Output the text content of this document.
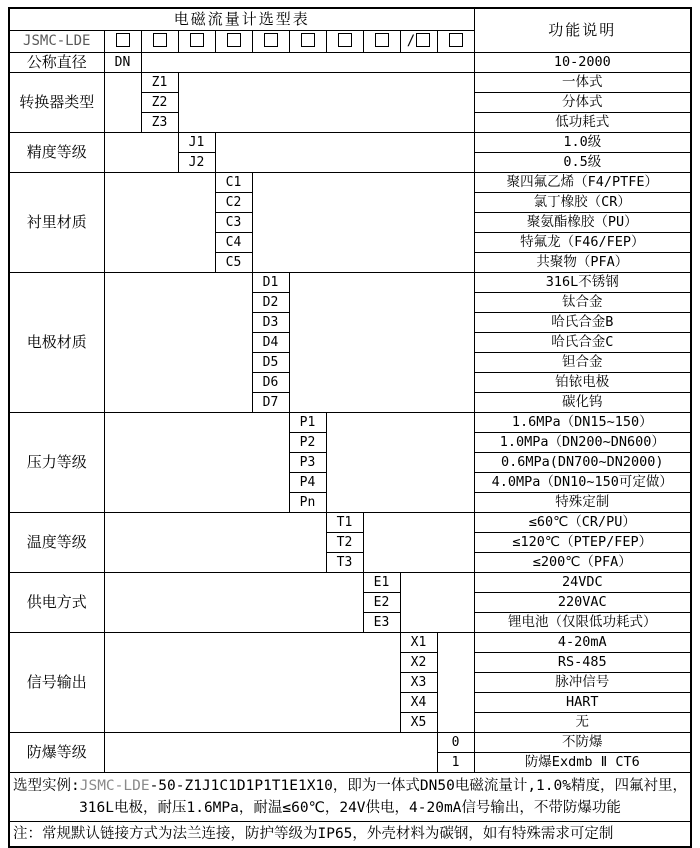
电磁流量计选型表											功能说明
JSMC-LDE									/		
公称直径	DN										10-2000
转换器类型		Z1									一体式
		Z2									分体式
		Z3									低功耗式
精度等级			J1								1.0级
			J2								0.5级
衬里材质				C1							聚四氟乙烯（F4/PTFE）
				C2							氯丁橡胶（CR）
				C3							聚氨酯橡胶（PU）
				C4							特氟龙（F46/FEP）
				C5							共聚物（PFA）
电极材质					D1						316L不锈钢
					D2						钛合金
					D3						哈氏合金B
					D4						哈氏合金C
					D5						钽合金
					D6						铂铱电极
					D7						碳化钨
压力等级						P1					1.6MPa（DN15~150）
						P2					1.0MPa（DN200~DN600）
						P3					0.6MPa(DN700~DN2000)
						P4					4.0MPa（DN10~150可定做）
						Pn					特殊定制
温度等级							T1				≤60℃（CR/PU）
							T2				≤120℃（PTEP/FEP）
							T3				≤200℃（PFA）
供电方式								E1			24VDC
								E2			220VAC
								E3			锂电池（仅限低功耗式）
信号输出									X1		4-20mA
									X2		RS-485
									X3		脉冲信号
									X4		HART
									X5		无
防爆等级										0	不防爆
										1	防爆Exdmb Ⅱ CT6

选型实例:JSMC-LDE-50-Z1J1C1D1P1T1E1X10，即为一体式DN50电磁流量计,1.0%精度，四氟衬里，
316L电极，耐压1.6MPa，耐温≤60℃，24V供电，4-20mA信号输出，不带防爆功能											

注：常规默认链接方式为法兰连接，防护等级为IP65，外壳材料为碳钢，如有特殊需求可定制											
